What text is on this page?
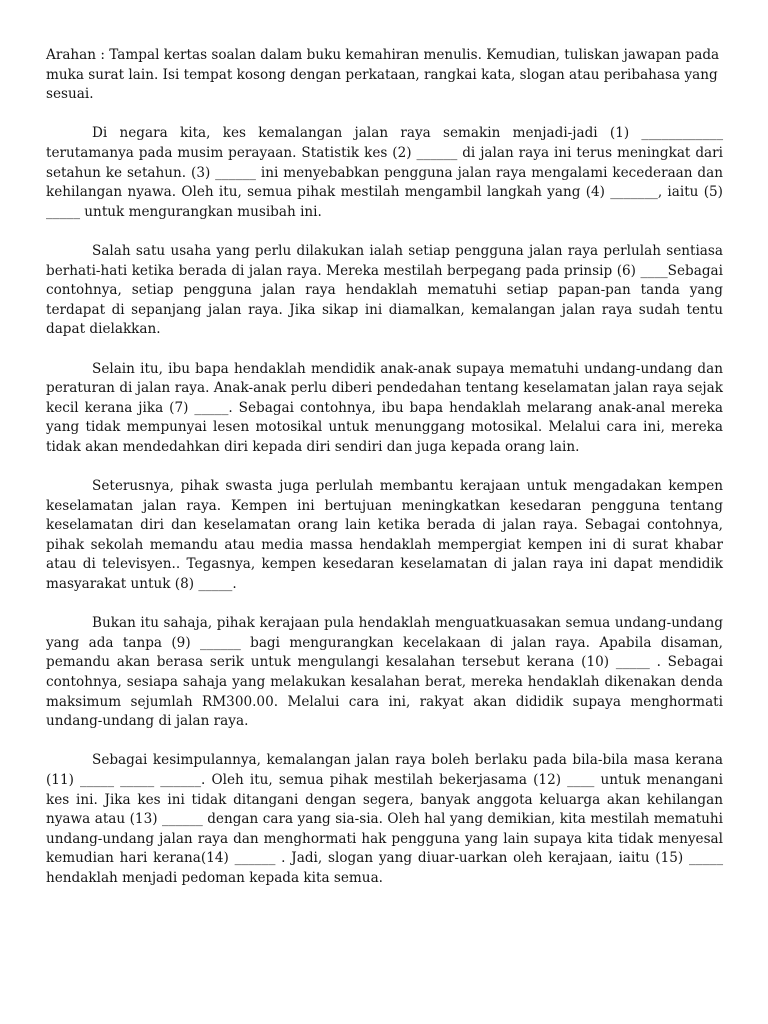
Arahan : Tampal kertas soalan dalam buku kemahiran menulis. Kemudian, tuliskan jawapan pada muka surat lain. Isi tempat kosong dengan perkataan, rangkai kata, slogan atau peribahasa yang sesuai.

Di negara kita, kes kemalangan jalan raya semakin menjadi-jadi (1) ____________ terutamanya pada musim perayaan. Statistik kes (2) ______ di jalan raya ini terus meningkat dari setahun ke setahun. (3) ______ ini menyebabkan pengguna jalan raya mengalami kecederaan dan kehilangan nyawa. Oleh itu, semua pihak mestilah mengambil langkah yang (4) _______, iaitu (5) _____ untuk mengurangkan musibah ini.

Salah satu usaha yang perlu dilakukan ialah setiap pengguna jalan raya perlulah sentiasa berhati-hati ketika berada di jalan raya. Mereka mestilah berpegang pada prinsip (6) ____Sebagai contohnya, setiap pengguna jalan raya hendaklah mematuhi setiap papan-pan tanda yang terdapat di sepanjang jalan raya. Jika sikap ini diamalkan, kemalangan jalan raya sudah tentu dapat dielakkan.

Selain itu, ibu bapa hendaklah mendidik anak-anak supaya mematuhi undang-undang dan peraturan di jalan raya. Anak-anak perlu diberi pendedahan tentang keselamatan jalan raya sejak kecil kerana jika (7) _____. Sebagai contohnya, ibu bapa hendaklah melarang anak-anal mereka yang tidak mempunyai lesen motosikal untuk menunggang motosikal. Melalui cara ini, mereka tidak akan mendedahkan diri kepada diri sendiri dan juga kepada orang lain.

Seterusnya, pihak swasta juga perlulah membantu kerajaan untuk mengadakan kempen keselamatan jalan raya. Kempen ini bertujuan meningkatkan kesedaran pengguna tentang keselamatan diri dan keselamatan orang lain ketika berada di jalan raya. Sebagai contohnya, pihak sekolah memandu atau media massa hendaklah mempergiat kempen ini di surat khabar atau di televisyen.. Tegasnya, kempen kesedaran keselamatan di jalan raya ini dapat mendidik masyarakat untuk (8) _____.

Bukan itu sahaja, pihak kerajaan pula hendaklah menguatkuasakan semua undang-undang yang ada tanpa (9) ______ bagi mengurangkan kecelakaan di jalan raya. Apabila disaman, pemandu akan berasa serik untuk mengulangi kesalahan tersebut kerana (10) _____ . Sebagai contohnya, sesiapa sahaja yang melakukan kesalahan berat, mereka hendaklah dikenakan denda maksimum sejumlah RM300.00. Melalui cara ini, rakyat akan dididik supaya menghormati undang-undang di jalan raya.

Sebagai kesimpulannya, kemalangan jalan raya boleh berlaku pada bila-bila masa kerana (11) _____ _____ ______. Oleh itu, semua pihak mestilah bekerjasama (12) ____ untuk menangani kes ini. Jika kes ini tidak ditangani dengan segera, banyak anggota keluarga akan kehilangan nyawa atau (13) ______ dengan cara yang sia-sia. Oleh hal yang demikian, kita mestilah mematuhi undang-undang jalan raya dan menghormati hak pengguna yang lain supaya kita tidak menyesal kemudian hari kerana(14) ______ . Jadi, slogan yang diuar-uarkan oleh kerajaan, iaitu (15) _____ hendaklah menjadi pedoman kepada kita semua.
